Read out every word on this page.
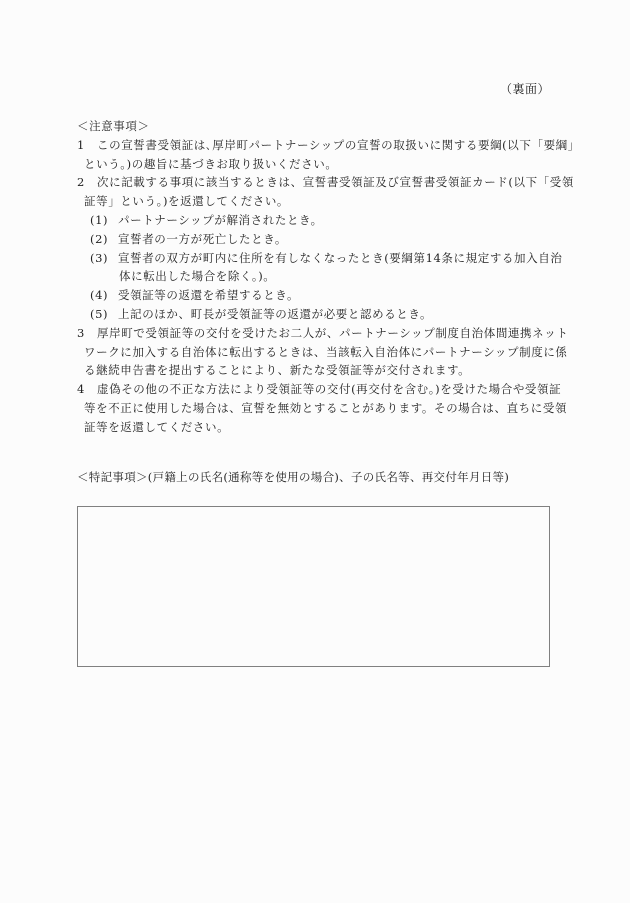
（裏面）
＜注意事項＞
1 この宣誓書受領証は､厚岸町パートナーシップの宣誓の取扱いに関する要綱(以下「要綱」
という。)の趣旨に基づきお取り扱いください。
2 次に記載する事項に該当するときは、宣誓書受領証及び宣誓書受領証カード(以下「受領
証等」という。)を返還してください。
(1) パートナーシップが解消されたとき。
(2) 宣誓者の一方が死亡したとき。
(3) 宣誓者の双方が町内に住所を有しなくなったとき(要綱第14条に規定する加入自治
体に転出した場合を除く。)。
(4) 受領証等の返還を希望するとき。
(5) 上記のほか、町長が受領証等の返還が必要と認めるとき。
3 厚岸町で受領証等の交付を受けたお二人が、パートナーシップ制度自治体間連携ネット
ワークに加入する自治体に転出するときは、当該転入自治体にパートナーシップ制度に係
る継続申告書を提出することにより、新たな受領証等が交付されます。
4 虚偽その他の不正な方法により受領証等の交付(再交付を含む。)を受けた場合や受領証
等を不正に使用した場合は、宣誓を無効とすることがあります。その場合は、直ちに受領
証等を返還してください。
＜特記事項＞(戸籍上の氏名(通称等を使用の場合)、子の氏名等、再交付年月日等)
